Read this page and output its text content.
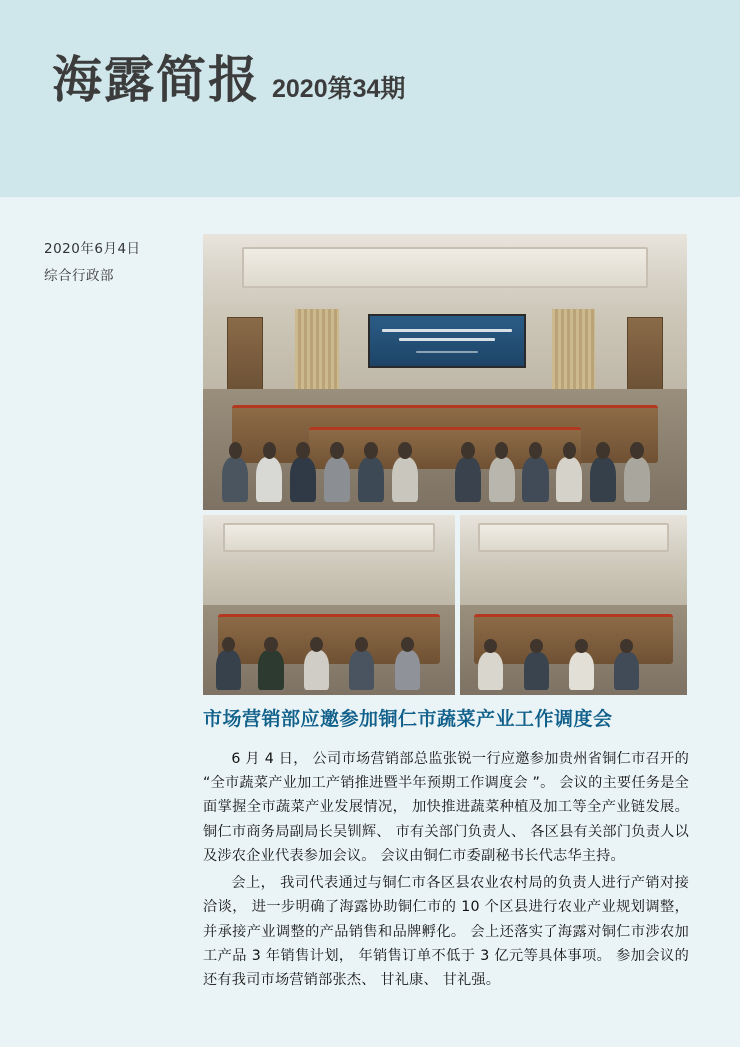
海露简报 2020第34期
2020年6月4日
综合行政部
市场营销部应邀参加铜仁市蔬菜产业工作调度会

6 月 4 日， 公司市场营销部总监张锐一行应邀参加贵州省铜仁市召开的 “全市蔬菜产业加工产销推进暨半年预期工作调度会 ”。 会议的主要任务是全面掌握全市蔬菜产业发展情况， 加快推进蔬菜种植及加工等全产业链发展。 铜仁市商务局副局长吴钏辉、 市有关部门负责人、 各区县有关部门负责人以及涉农企业代表参加会议。 会议由铜仁市委副秘书长代志华主持。

会上， 我司代表通过与铜仁市各区县农业农村局的负责人进行产销对接洽谈， 进一步明确了海露协助铜仁市的 10 个区县进行农业产业规划调整， 并承接产业调整的产品销售和品牌孵化。 会上还落实了海露对铜仁市涉农加工产品 3 年销售计划， 年销售订单不低于 3 亿元等具体事项。 参加会议的还有我司市场营销部张杰、 甘礼康、 甘礼强。
